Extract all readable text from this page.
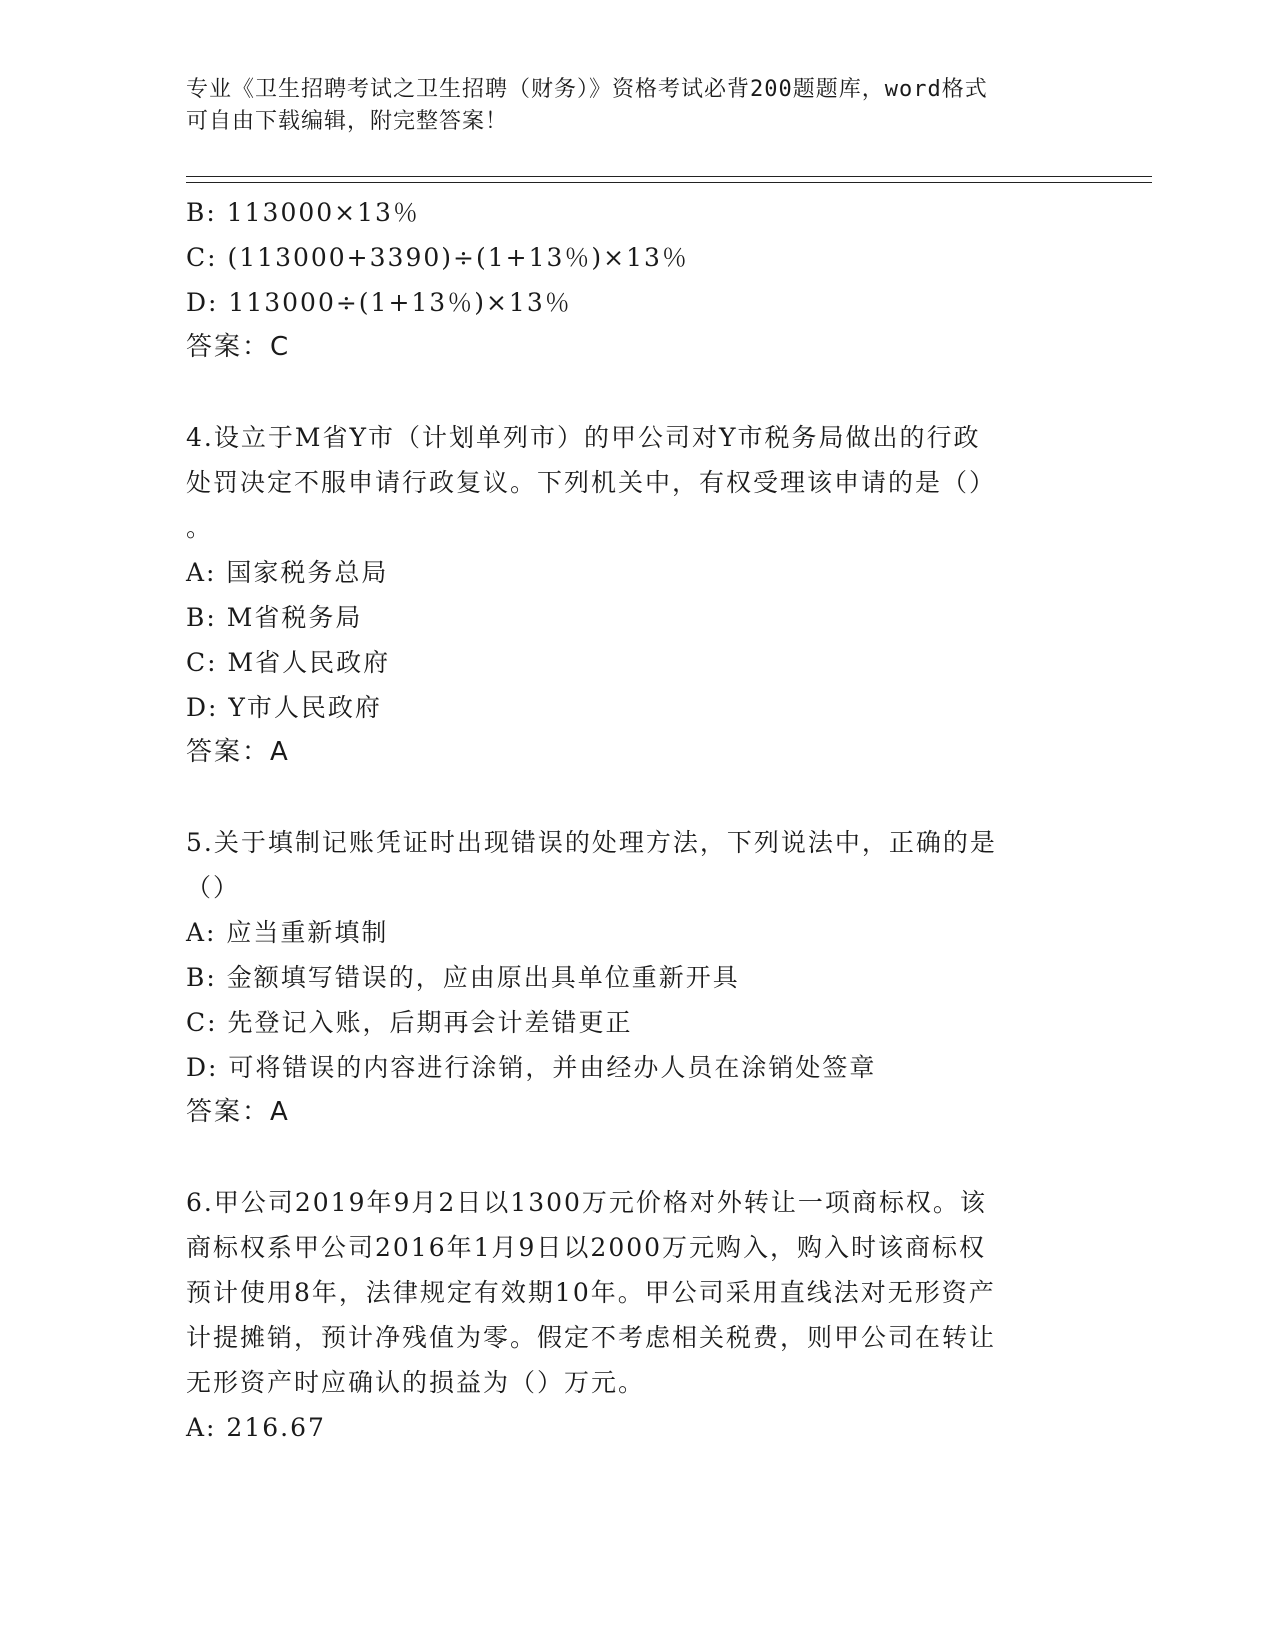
专业《卫生招聘考试之卫生招聘（财务）》资格考试必背200题题库，word格式
可自由下载编辑，附完整答案！
B: 113000×13％
C: (113000+3390)÷(1+13％)×13％
D: 113000÷(1+13％)×13％
答案：C
4.设立于M省Y市（计划单列市）的甲公司对Y市税务局做出的行政
处罚决定不服申请行政复议。下列机关中，有权受理该申请的是（）
。
A: 国家税务总局
B: M省税务局
C: M省人民政府
D: Y市人民政府
答案：A
5.关于填制记账凭证时出现错误的处理方法，下列说法中，正确的是
（）
A: 应当重新填制
B: 金额填写错误的，应由原出具单位重新开具
C: 先登记入账，后期再会计差错更正
D: 可将错误的内容进行涂销，并由经办人员在涂销处签章
答案：A
6.甲公司2019年9月2日以1300万元价格对外转让一项商标权。该
商标权系甲公司2016年1月9日以2000万元购入，购入时该商标权
预计使用8年，法律规定有效期10年。甲公司采用直线法对无形资产
计提摊销，预计净残值为零。假定不考虑相关税费，则甲公司在转让
无形资产时应确认的损益为（）万元。
A: 216.67
